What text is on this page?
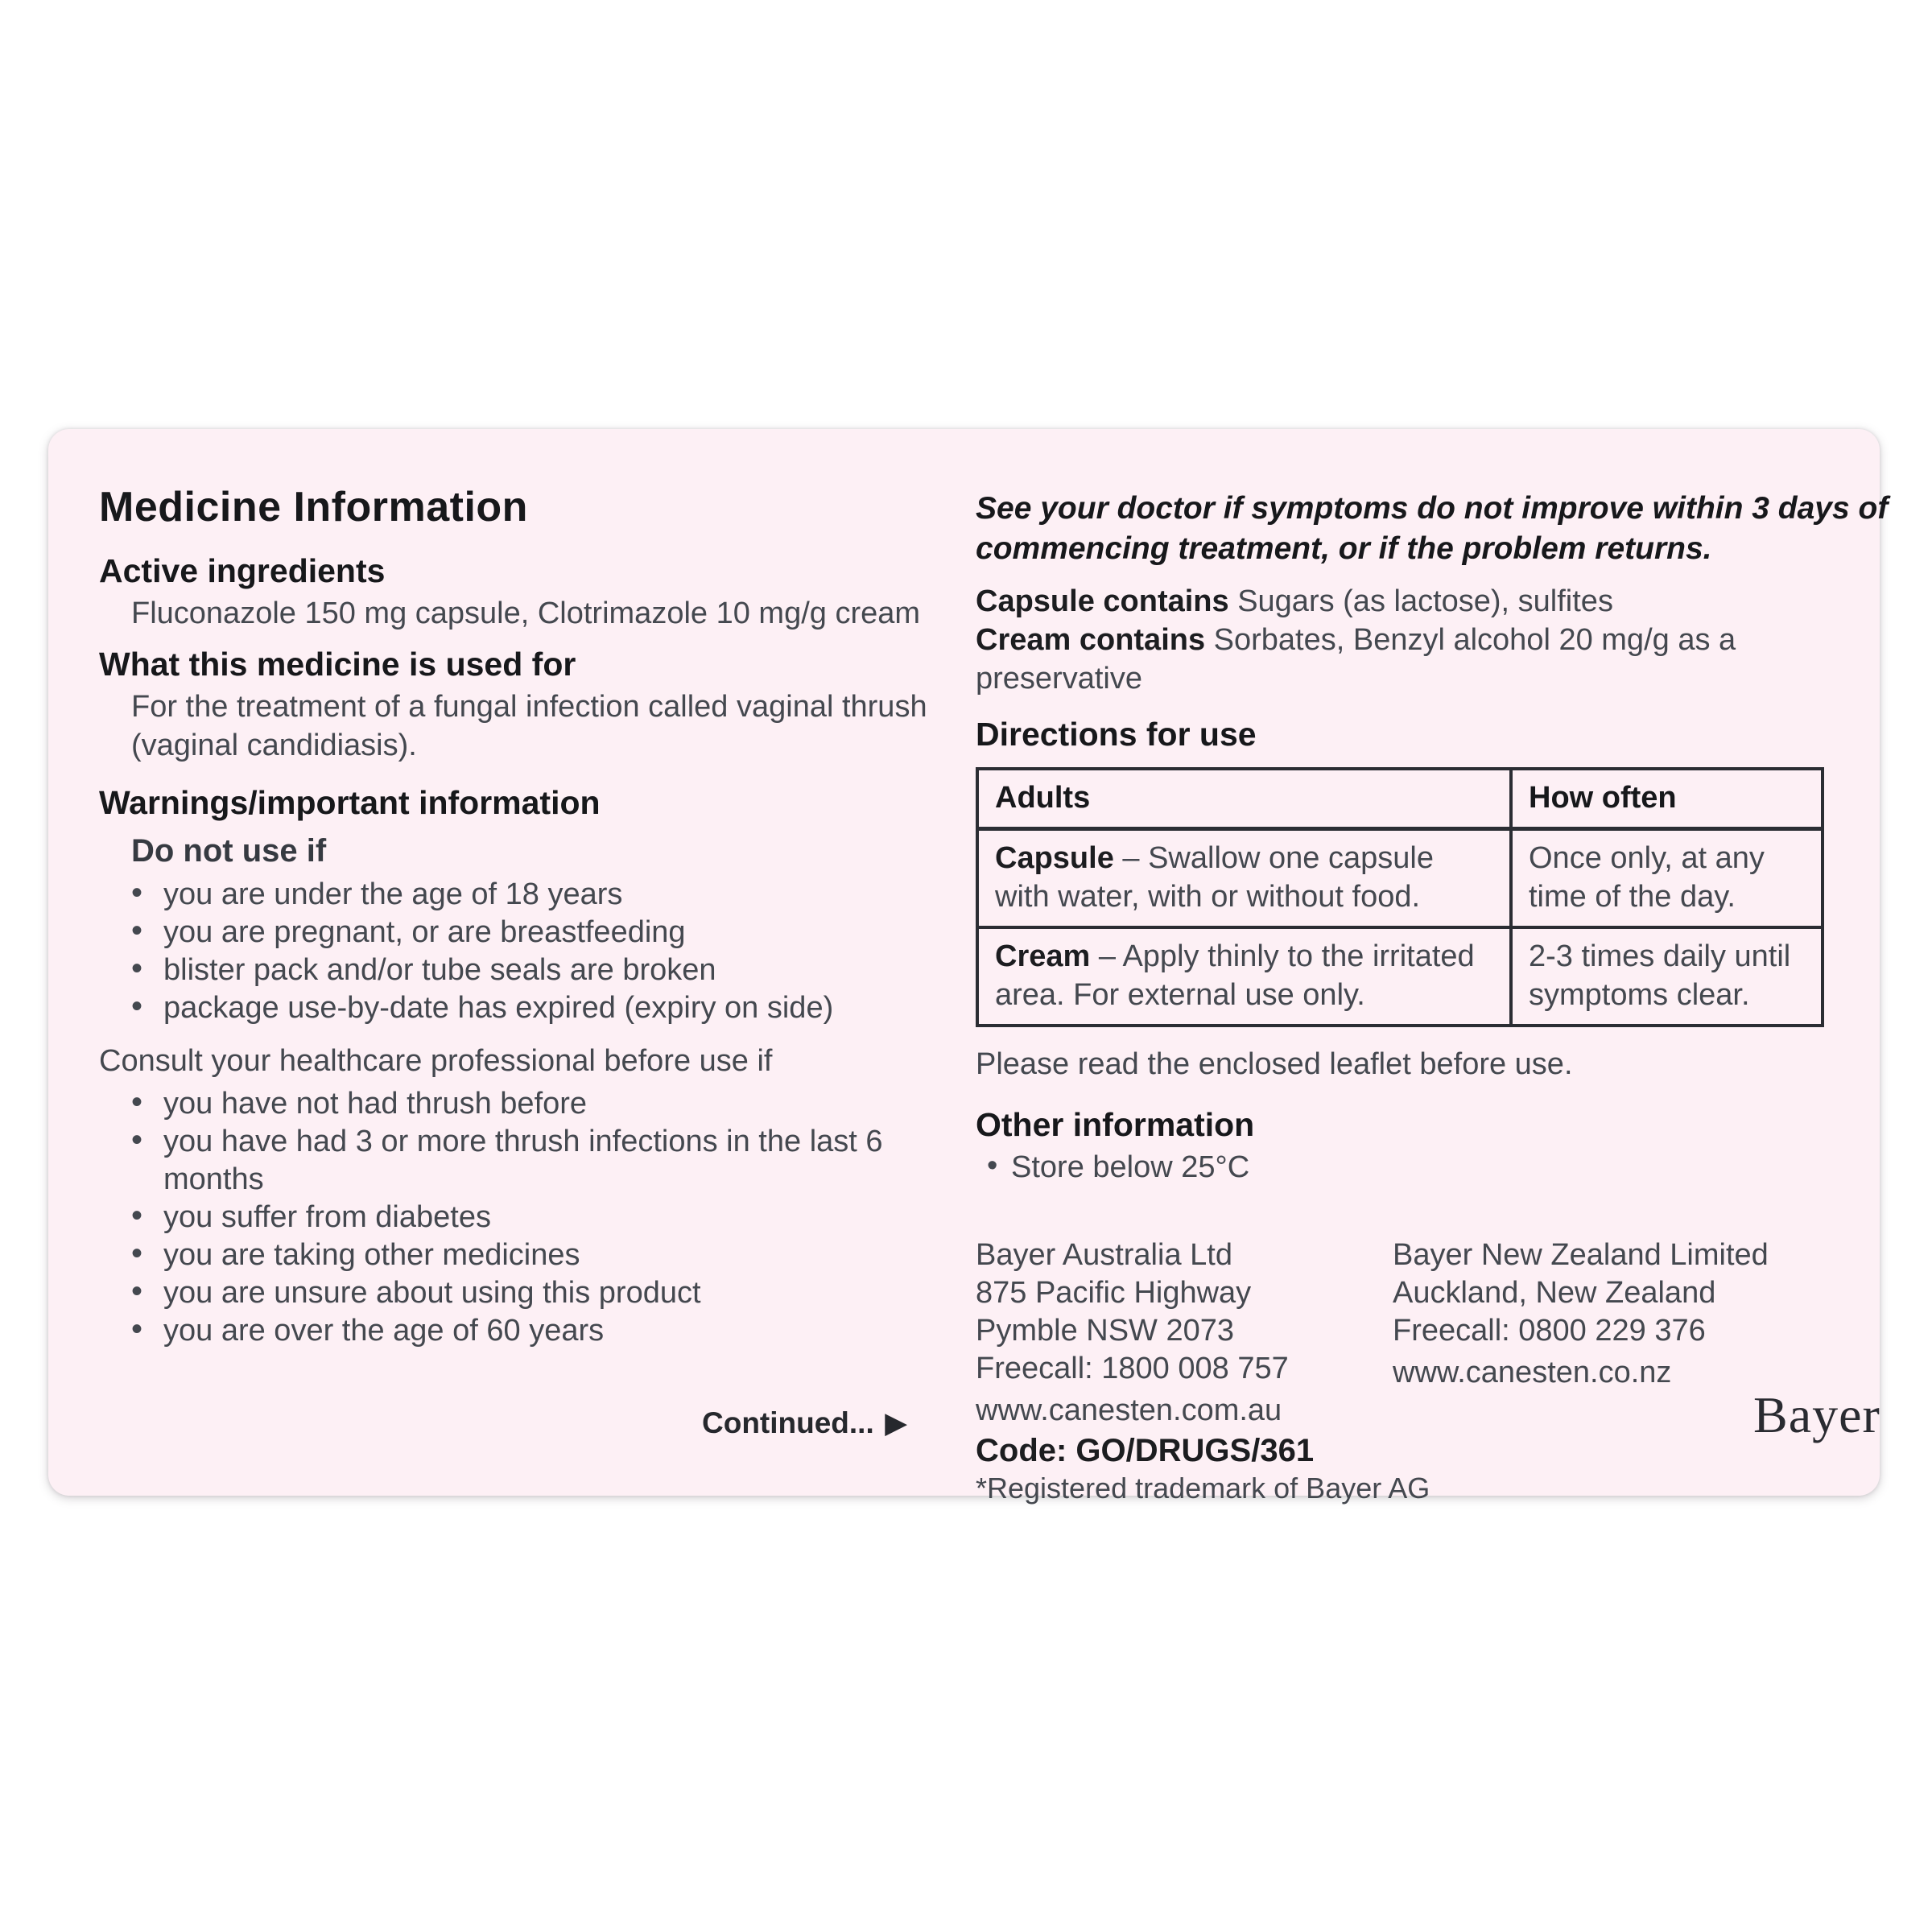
Medicine Information
Active ingredients

Fluconazole 150 mg capsule, Clotrimazole 10 mg/g cream

What this medicine is used for

For the treatment of a fungal infection called vaginal thrush (vaginal candidiasis).

Warnings/important information
Do not use if
• you are under the age of 18 years
• you are pregnant, or are breastfeeding
• blister pack and/or tube seals are broken
• package use-by-date has expired (expiry on side)

Consult your healthcare professional before use if

• you have not had thrush before
• you have had 3 or more thrush infections in the last 6 months
• you suffer from diabetes
• you are taking other medicines
• you are unsure about using this product
• you are over the age of 60 years
Continued... ▶

See your doctor if symptoms do not improve within 3 days of commencing treatment, or if the problem returns.

Capsule contains Sugars (as lactose), sulfites

Cream contains Sorbates, Benzyl alcohol 20 mg/g as a preservative

Directions for use
Adults	How often
Capsule – Swallow one capsule with water, with or without food.	Once only, at any time of the day.
Cream – Apply thinly to the irritated area. For external use only.	2-3 times daily until symptoms clear.

Please read the enclosed leaflet before use.

Other information
• Store below 25°C

Bayer Australia Ltd

875 Pacific Highway

Pymble NSW 2073

Freecall: 1800 008 757

www.canesten.com.au

Bayer New Zealand Limited

Auckland, New Zealand

Freecall: 0800 229 376

www.canesten.co.nz

Code: GO/DRUGS/361

*Registered trademark of Bayer AG

Bayer
